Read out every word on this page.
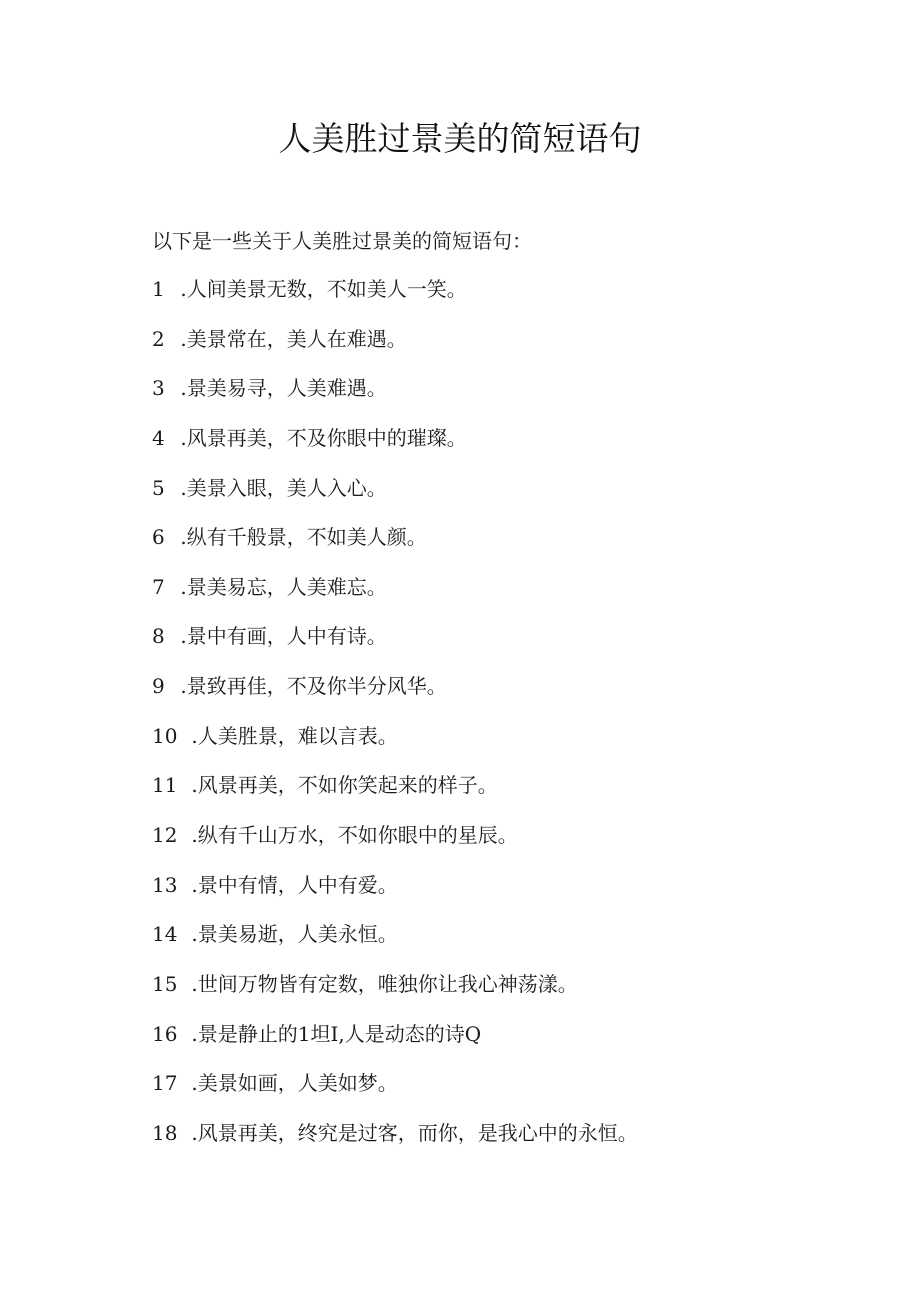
人美胜过景美的简短语句
以下是一些关于人美胜过景美的简短语句：
1 .人间美景无数，不如美人一笑。
2 .美景常在，美人在难遇。
3 .景美易寻，人美难遇。
4 .风景再美，不及你眼中的璀璨。
5 .美景入眼，美人入心。
6 .纵有千般景，不如美人颜。
7 .景美易忘，人美难忘。
8 .景中有画，人中有诗。
9 .景致再佳，不及你半分风华。
10 .人美胜景，难以言表。
11 .风景再美，不如你笑起来的样子。
12 .纵有千山万水，不如你眼中的星辰。
13 .景中有情，人中有爱。
14 .景美易逝，人美永恒。
15 .世间万物皆有定数，唯独你让我心神荡漾。
16 .景是静止的1坦I,人是动态的诗Q
17 .美景如画，人美如梦。
18 .风景再美，终究是过客，而你，是我心中的永恒。
